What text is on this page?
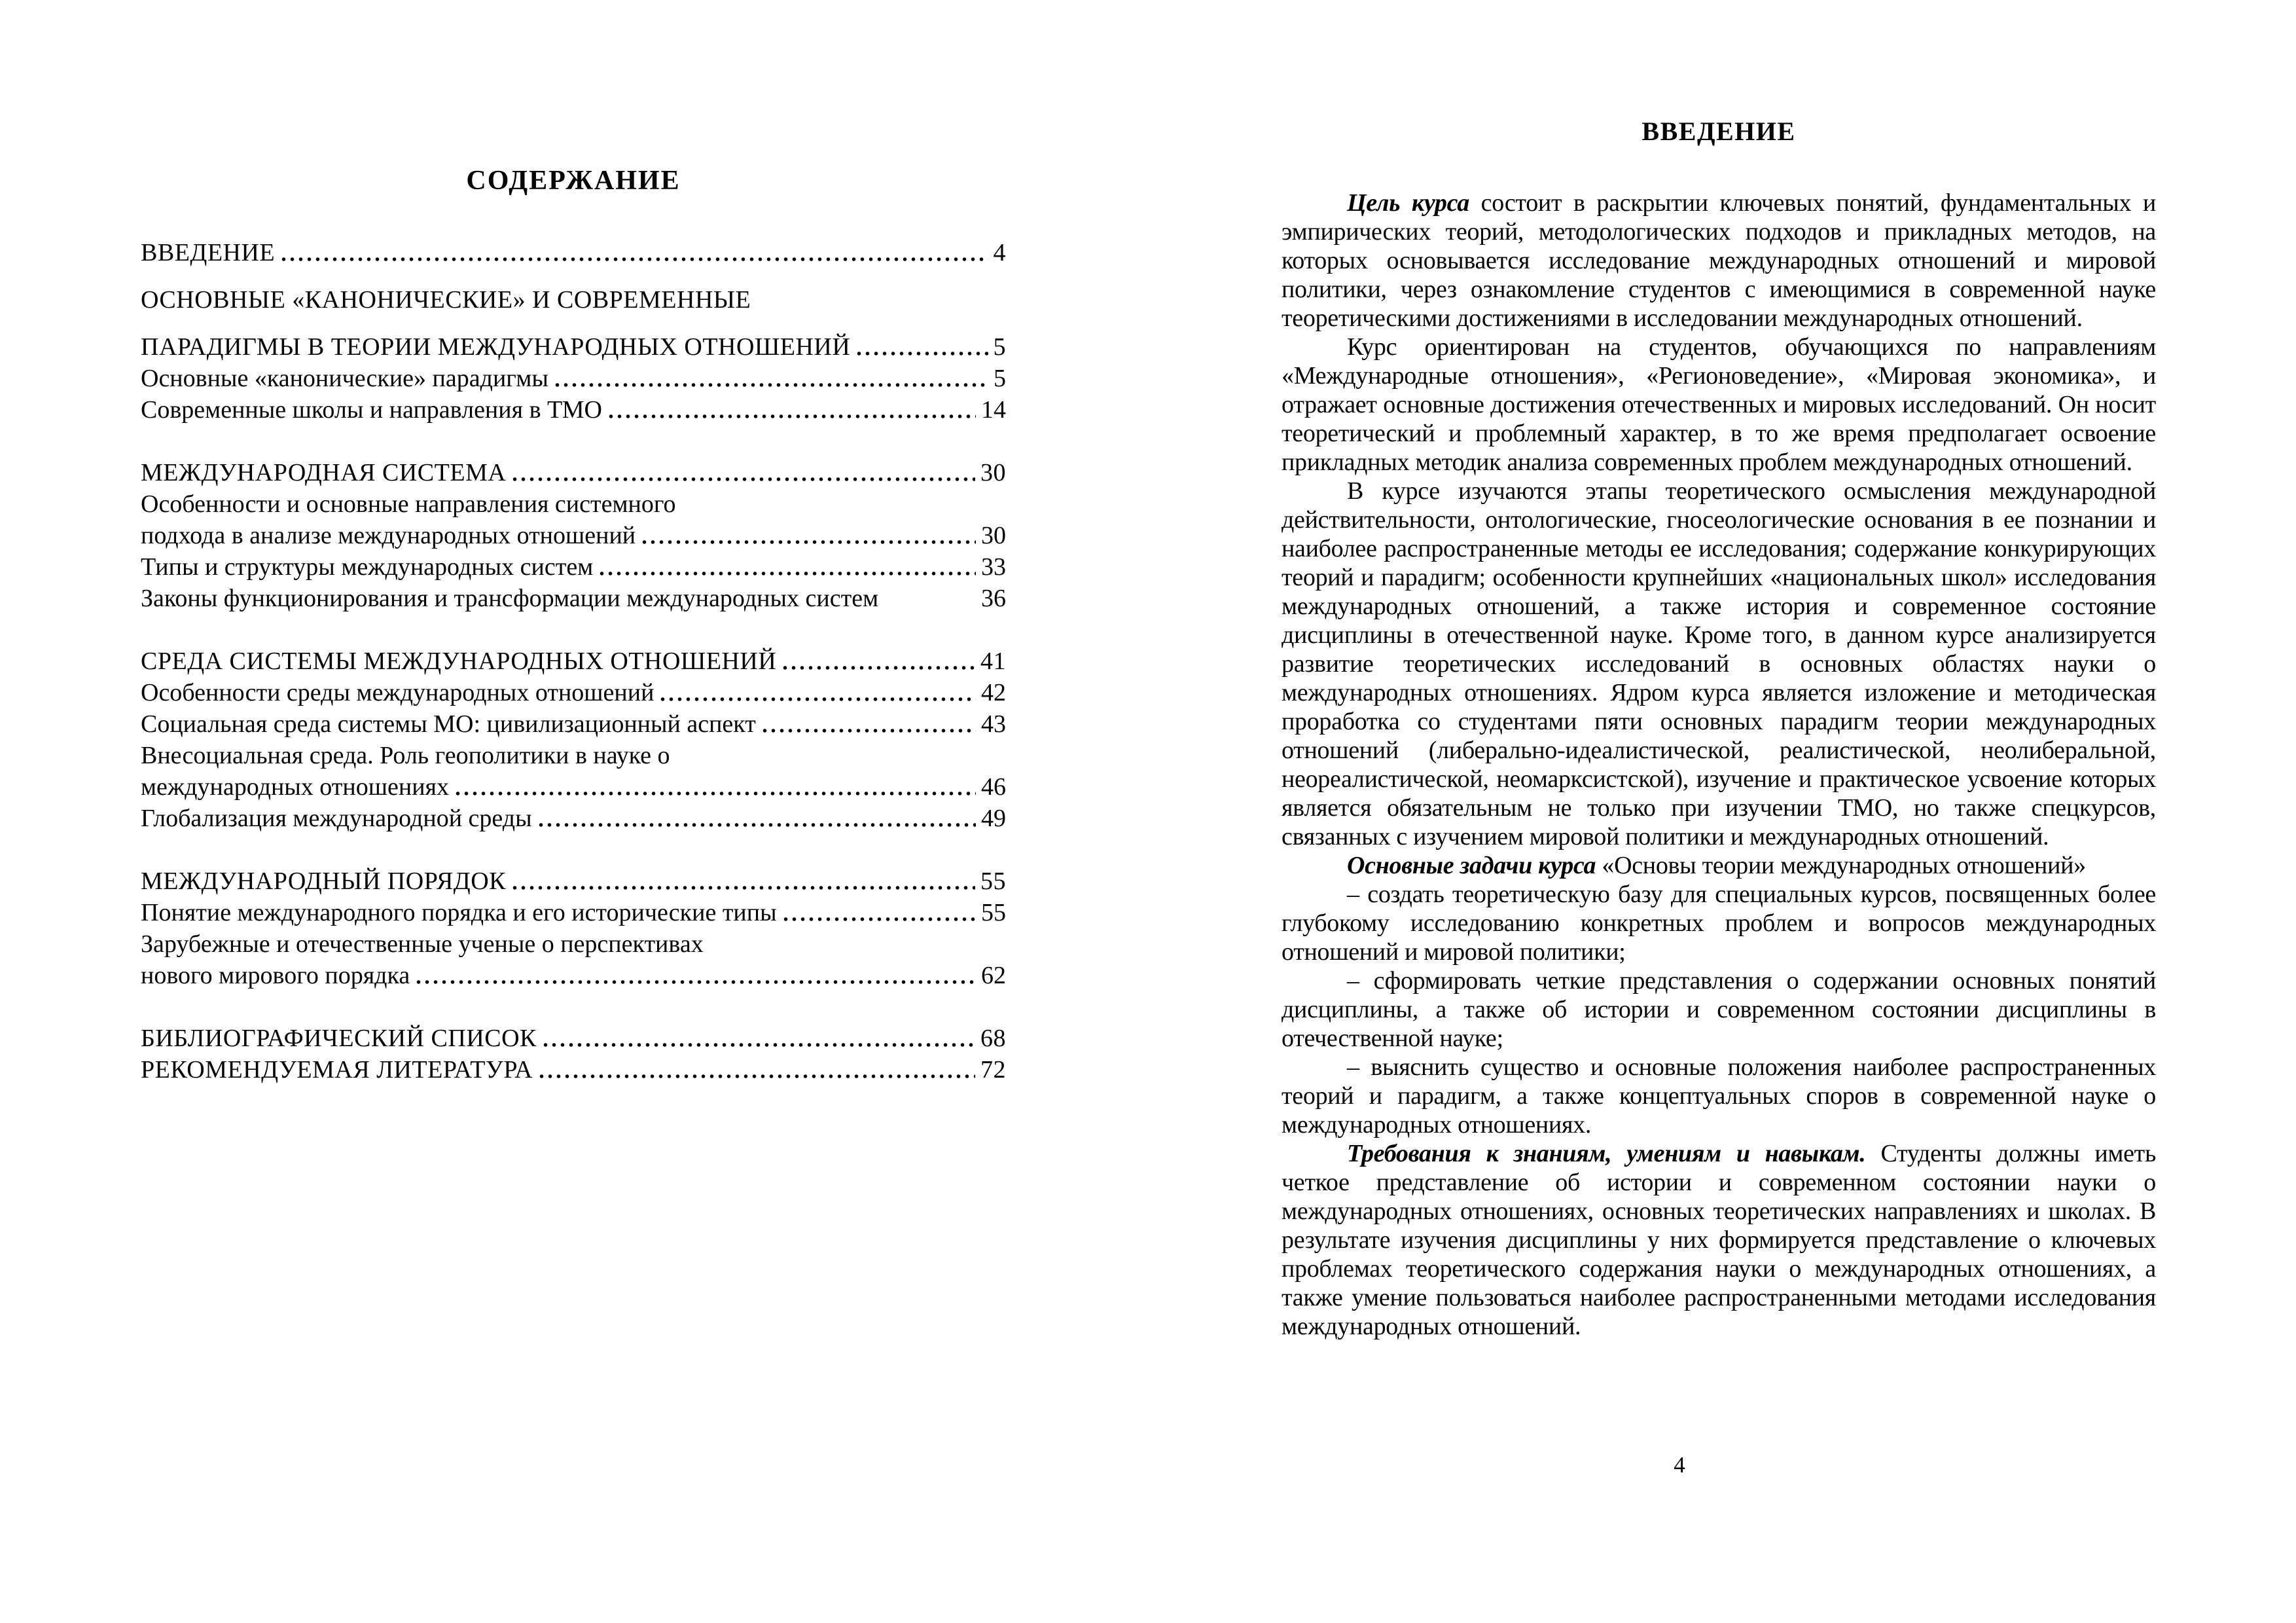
СОДЕРЖАНИЕ
ВВЕДЕНИЕ	4
ОСНОВНЫЕ «КАНОНИЧЕСКИЕ» И СОВРЕМЕННЫЕ
ПАРАДИГМЫ В ТЕОРИИ МЕЖДУНАРОДНЫХ ОТНОШЕНИЙ	5
Основные «канонические» парадигмы	5
Современные школы и направления в ТМО	14
МЕЖДУНАРОДНАЯ СИСТЕМА	30
Особенности и основные направления системного
подхода в анализе международных отношений	30
Типы и структуры международных систем	33
Законы функционирования и трансформации международных систем	36
СРЕДА СИСТЕМЫ МЕЖДУНАРОДНЫХ ОТНОШЕНИЙ	41
Особенности среды международных отношений	42
Социальная среда системы МО: цивилизационный аспект	43
Внесоциальная среда. Роль геополитики в науке о
международных отношениях	46
Глобализация международной среды	49
МЕЖДУНАРОДНЫЙ ПОРЯДОК	55
Понятие международного порядка и его исторические типы	55
Зарубежные и отечественные ученые о перспективах
нового мирового порядка	62
БИБЛИОГРАФИЧЕСКИЙ СПИСОК	68
РЕКОМЕНДУЕМАЯ ЛИТЕРАТУРА	72
ВВЕДЕНИЕ

Цель курса состоит в раскрытии ключевых понятий, фундаментальных и эмпирических теорий, методологических подходов и прикладных методов, на которых основывается исследование международных отношений и мировой политики, через ознакомление студентов с имеющимися в современной науке теоретическими достижениями в исследовании международных отношений.

Курс ориентирован на студентов, обучающихся по направлениям «Международные отношения», «Регионоведение», «Мировая экономика», и отражает основные достижения отечественных и мировых исследований. Он носит теоретический и проблемный характер, в то же время предполагает освоение прикладных методик анализа современных проблем международных отношений.

В курсе изучаются этапы теоретического осмысления международной действительности, онтологические, гносеологические основания в ее познании и наиболее распространенные методы ее исследования; содержание конкурирующих теорий и парадигм; особенности крупнейших «национальных школ» исследования международных отношений, а также история и современное состояние дисциплины в отечественной науке. Кроме того, в данном курсе анализируется развитие теоретических исследований в основных областях науки о международных отношениях. Ядром курса является изложение и методическая проработка со студентами пяти основных парадигм теории международных отношений (либерально-идеалистической, реалистической, неолиберальной, неореалистической, неомарксистской), изучение и практическое усвоение которых является обязательным не только при изучении ТМО, но также спецкурсов, связанных с изучением мировой политики и международных отношений.

Основные задачи курса «Основы теории международных отношений»

– создать теоретическую базу для специальных курсов, посвященных более глубокому исследованию конкретных проблем и вопросов международных отношений и мировой политики;

– сформировать четкие представления о содержании основных понятий дисциплины, а также об истории и современном состоянии дисциплины в отечественной науке;

– выяснить существо и основные положения наиболее распространенных теорий и парадигм, а также концептуальных споров в современной науке о международных отношениях.

Требования к знаниям, умениям и навыкам. Студенты должны иметь четкое представление об истории и современном состоянии науки о международных отношениях, основных теоретических направлениях и школах. В результате изучения дисциплины у них формируется представление о ключевых проблемах теоретического содержания науки о международных отношениях, а также умение пользоваться наиболее распространенными методами исследования международных отношений.

4
